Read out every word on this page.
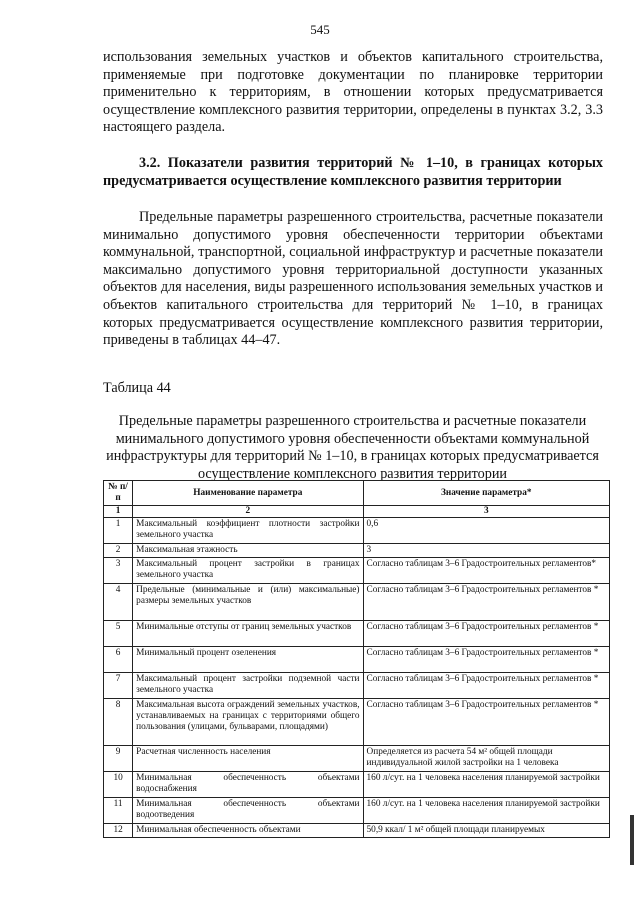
545
использования земельных участков и объектов капитального строительства, применяемые при подготовке документации по планировке территории применительно к территориям, в отношении которых предусматривается осуществление комплексного развития территории, определены в пунктах 3.2, 3.3 настоящего раздела.
3.2. Показатели развития территорий № 1–10, в границах которых предусматривается осуществление комплексного развития территории
Предельные параметры разрешенного строительства, расчетные показатели минимально допустимого уровня обеспеченности территории объектами коммунальной, транспортной, социальной инфраструктур и расчетные показатели максимально допустимого уровня территориальной доступности указанных объектов для населения, виды разрешенного использования земельных участков и объектов капитального строительства для территорий № 1–10, в границах которых предусматривается осуществление комплексного развития территории, приведены в таблицах 44–47.
Таблица 44
Предельные параметры разрешенного строительства и расчетные показатели минимального допустимого уровня обеспеченности объектами коммунальной инфраструктуры для территорий № 1–10, в границах которых предусматривается осуществление комплексного развития территории
№ п/п	Наименование параметра	Значение параметра*
1	2	3
1	Максимальный коэффициент плотности застройки земельного участка	0,6
2	Максимальная этажность	3
3	Максимальный процент застройки в границах земельного участка	Согласно таблицам 3–6 Градостроительных регламентов*
4	Предельные (минимальные и (или) максимальные) размеры земельных участков	Согласно таблицам 3–6 Градостроительных регламентов *
5	Минимальные отступы от границ земельных участков	Согласно таблицам 3–6 Градостроительных регламентов *
6	Минимальный процент озеленения	Согласно таблицам 3–6 Градостроительных регламентов *
7	Максимальный процент застройки подземной части земельного участка	Согласно таблицам 3–6 Градостроительных регламентов *
8	Максимальная высота ограждений земельных участков, устанавливаемых на границах с территориями общего пользования (улицами, бульварами, площадями)	Согласно таблицам 3–6 Градостроительных регламентов *
9	Расчетная численность населения	Определяется из расчета 54 м² общей площади индивидуальной жилой застройки на 1 человека
10	Минимальная обеспеченность объектами водоснабжения	160 л/сут. на 1 человека населения планируемой застройки
11	Минимальная обеспеченность объектами водоотведения	160 л/сут. на 1 человека населения планируемой застройки
12	Минимальная обеспеченность объектами	50,9 ккал/ 1 м² общей площади планируемых
